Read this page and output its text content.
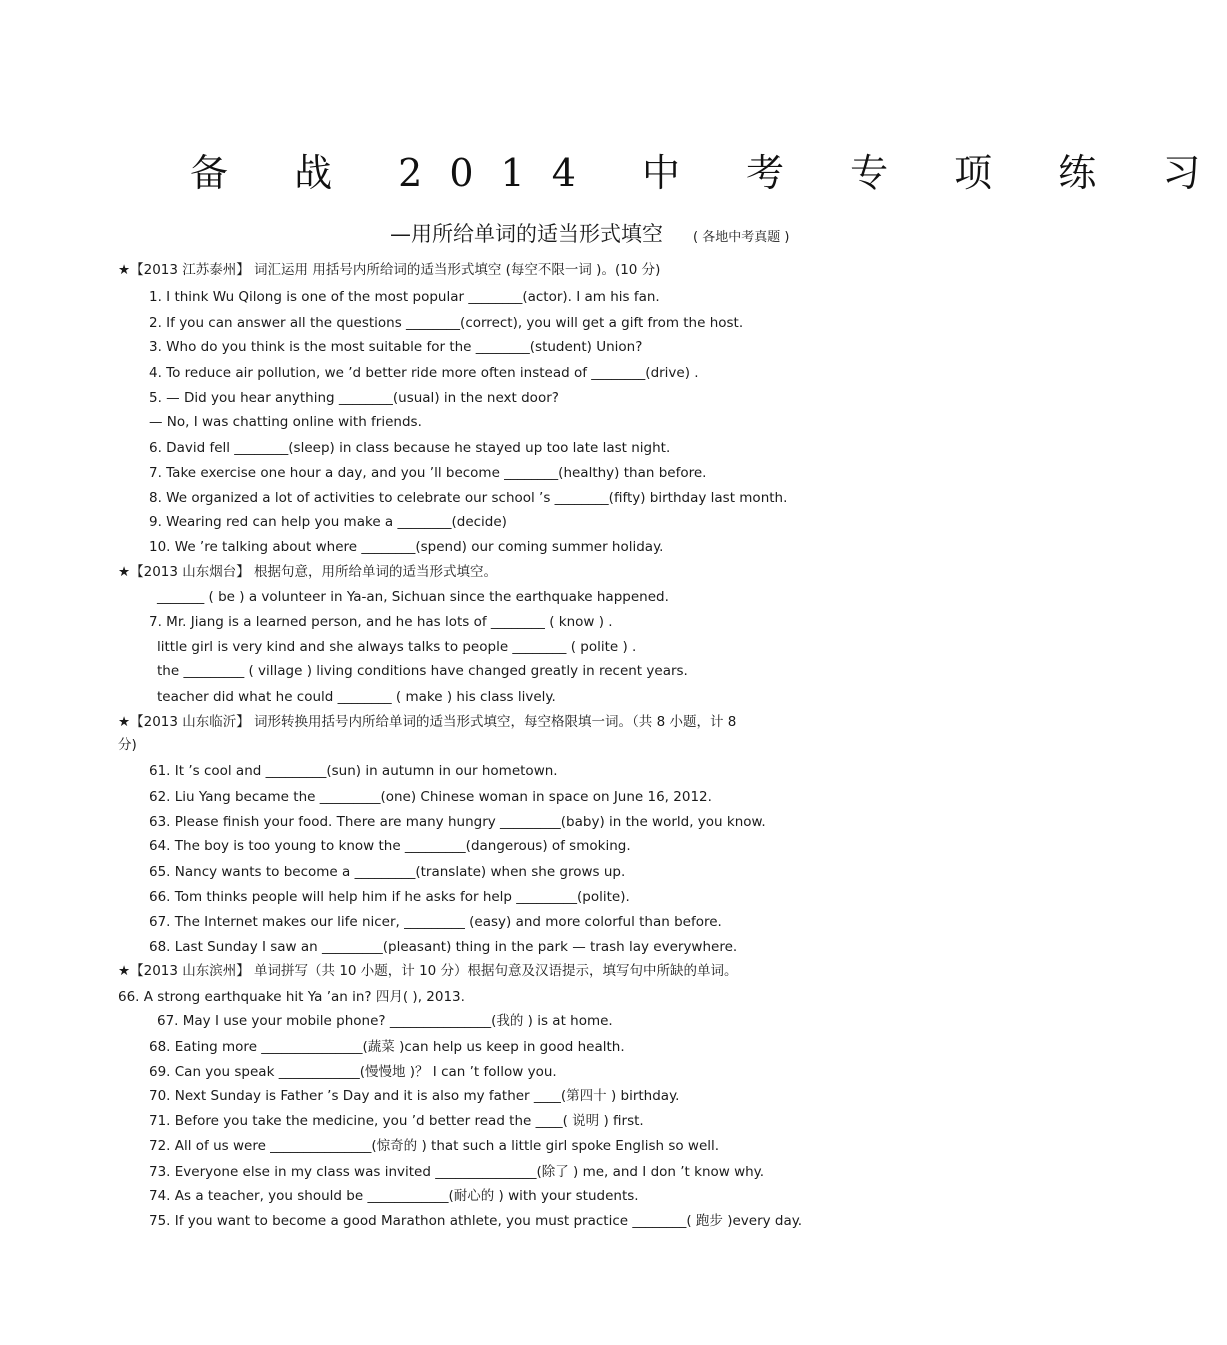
备 战 2014 中 考 专 项 练 习
—用所给单词的适当形式填空 ( 各地中考真题 )
★【2013 江苏泰州】 词汇运用 用括号内所给词的适当形式填空 (每空不限一词 )。(10 分)
1. I think Wu Qilong is one of the most popular ________(actor). I am his fan.
2. If you can answer all the questions ________(correct), you will get a gift from the host.
3. Who do you think is the most suitable for the ________(student) Union?
4. To reduce air pollution, we ’d better ride more often instead of ________(drive) .
5. — Did you hear anything ________(usual) in the next door?
— No, I was chatting online with friends.
6. David fell ________(sleep) in class because he stayed up too late last night.
7. Take exercise one hour a day, and you ’ll become ________(healthy) than before.
8. We organized a lot of activities to celebrate our school ’s ________(fifty) birthday last month.
9. Wearing red can help you make a ________(decide)
10. We ’re talking about where ________(spend) our coming summer holiday.
★【2013 山东烟台】 根据句意，用所给单词的适当形式填空。
_______ ( be ) a volunteer in Ya-an, Sichuan since the earthquake happened.
7. Mr. Jiang is a learned person, and he has lots of ________ ( know ) .
little girl is very kind and she always talks to people ________ ( polite ) .
the _________ ( village ) living conditions have changed greatly in recent years.
teacher did what he could ________ ( make ) his class lively.
★【2013 山东临沂】 词形转换用括号内所给单词的适当形式填空，每空格限填一词。（共 8 小题，计 8
分)
61. It ’s cool and _________(sun) in autumn in our hometown.
62. Liu Yang became the _________(one) Chinese woman in space on June 16, 2012.
63. Please finish your food. There are many hungry _________(baby) in the world, you know.
64. The boy is too young to know the _________(dangerous) of smoking.
65. Nancy wants to become a _________(translate) when she grows up.
66. Tom thinks people will help him if he asks for help _________(polite).
67. The Internet makes our life nicer, _________ (easy) and more colorful than before.
68. Last Sunday I saw an _________(pleasant) thing in the park — trash lay everywhere.
★【2013 山东滨州】 单词拼写（共 10 小题，计 10 分）根据句意及汉语提示，填写句中所缺的单词。
66. A strong earthquake hit Ya ’an in? 四月( ), 2013.
67. May I use your mobile phone? _______________(我的 ) is at home.
68. Eating more _______________(蔬菜 )can help us keep in good health.
69. Can you speak ____________(慢慢地 )？ I can ’t follow you.
70. Next Sunday is Father ’s Day and it is also my father ____(第四十 ) birthday.
71. Before you take the medicine, you ’d better read the ____( 说明 ) first.
72. All of us were _______________(惊奇的 ) that such a little girl spoke English so well.
73. Everyone else in my class was invited _______________(除了 ) me, and I don ’t know why.
74. As a teacher, you should be ____________(耐心的 ) with your students.
75. If you want to become a good Marathon athlete, you must practice ________( 跑步 )every day.
